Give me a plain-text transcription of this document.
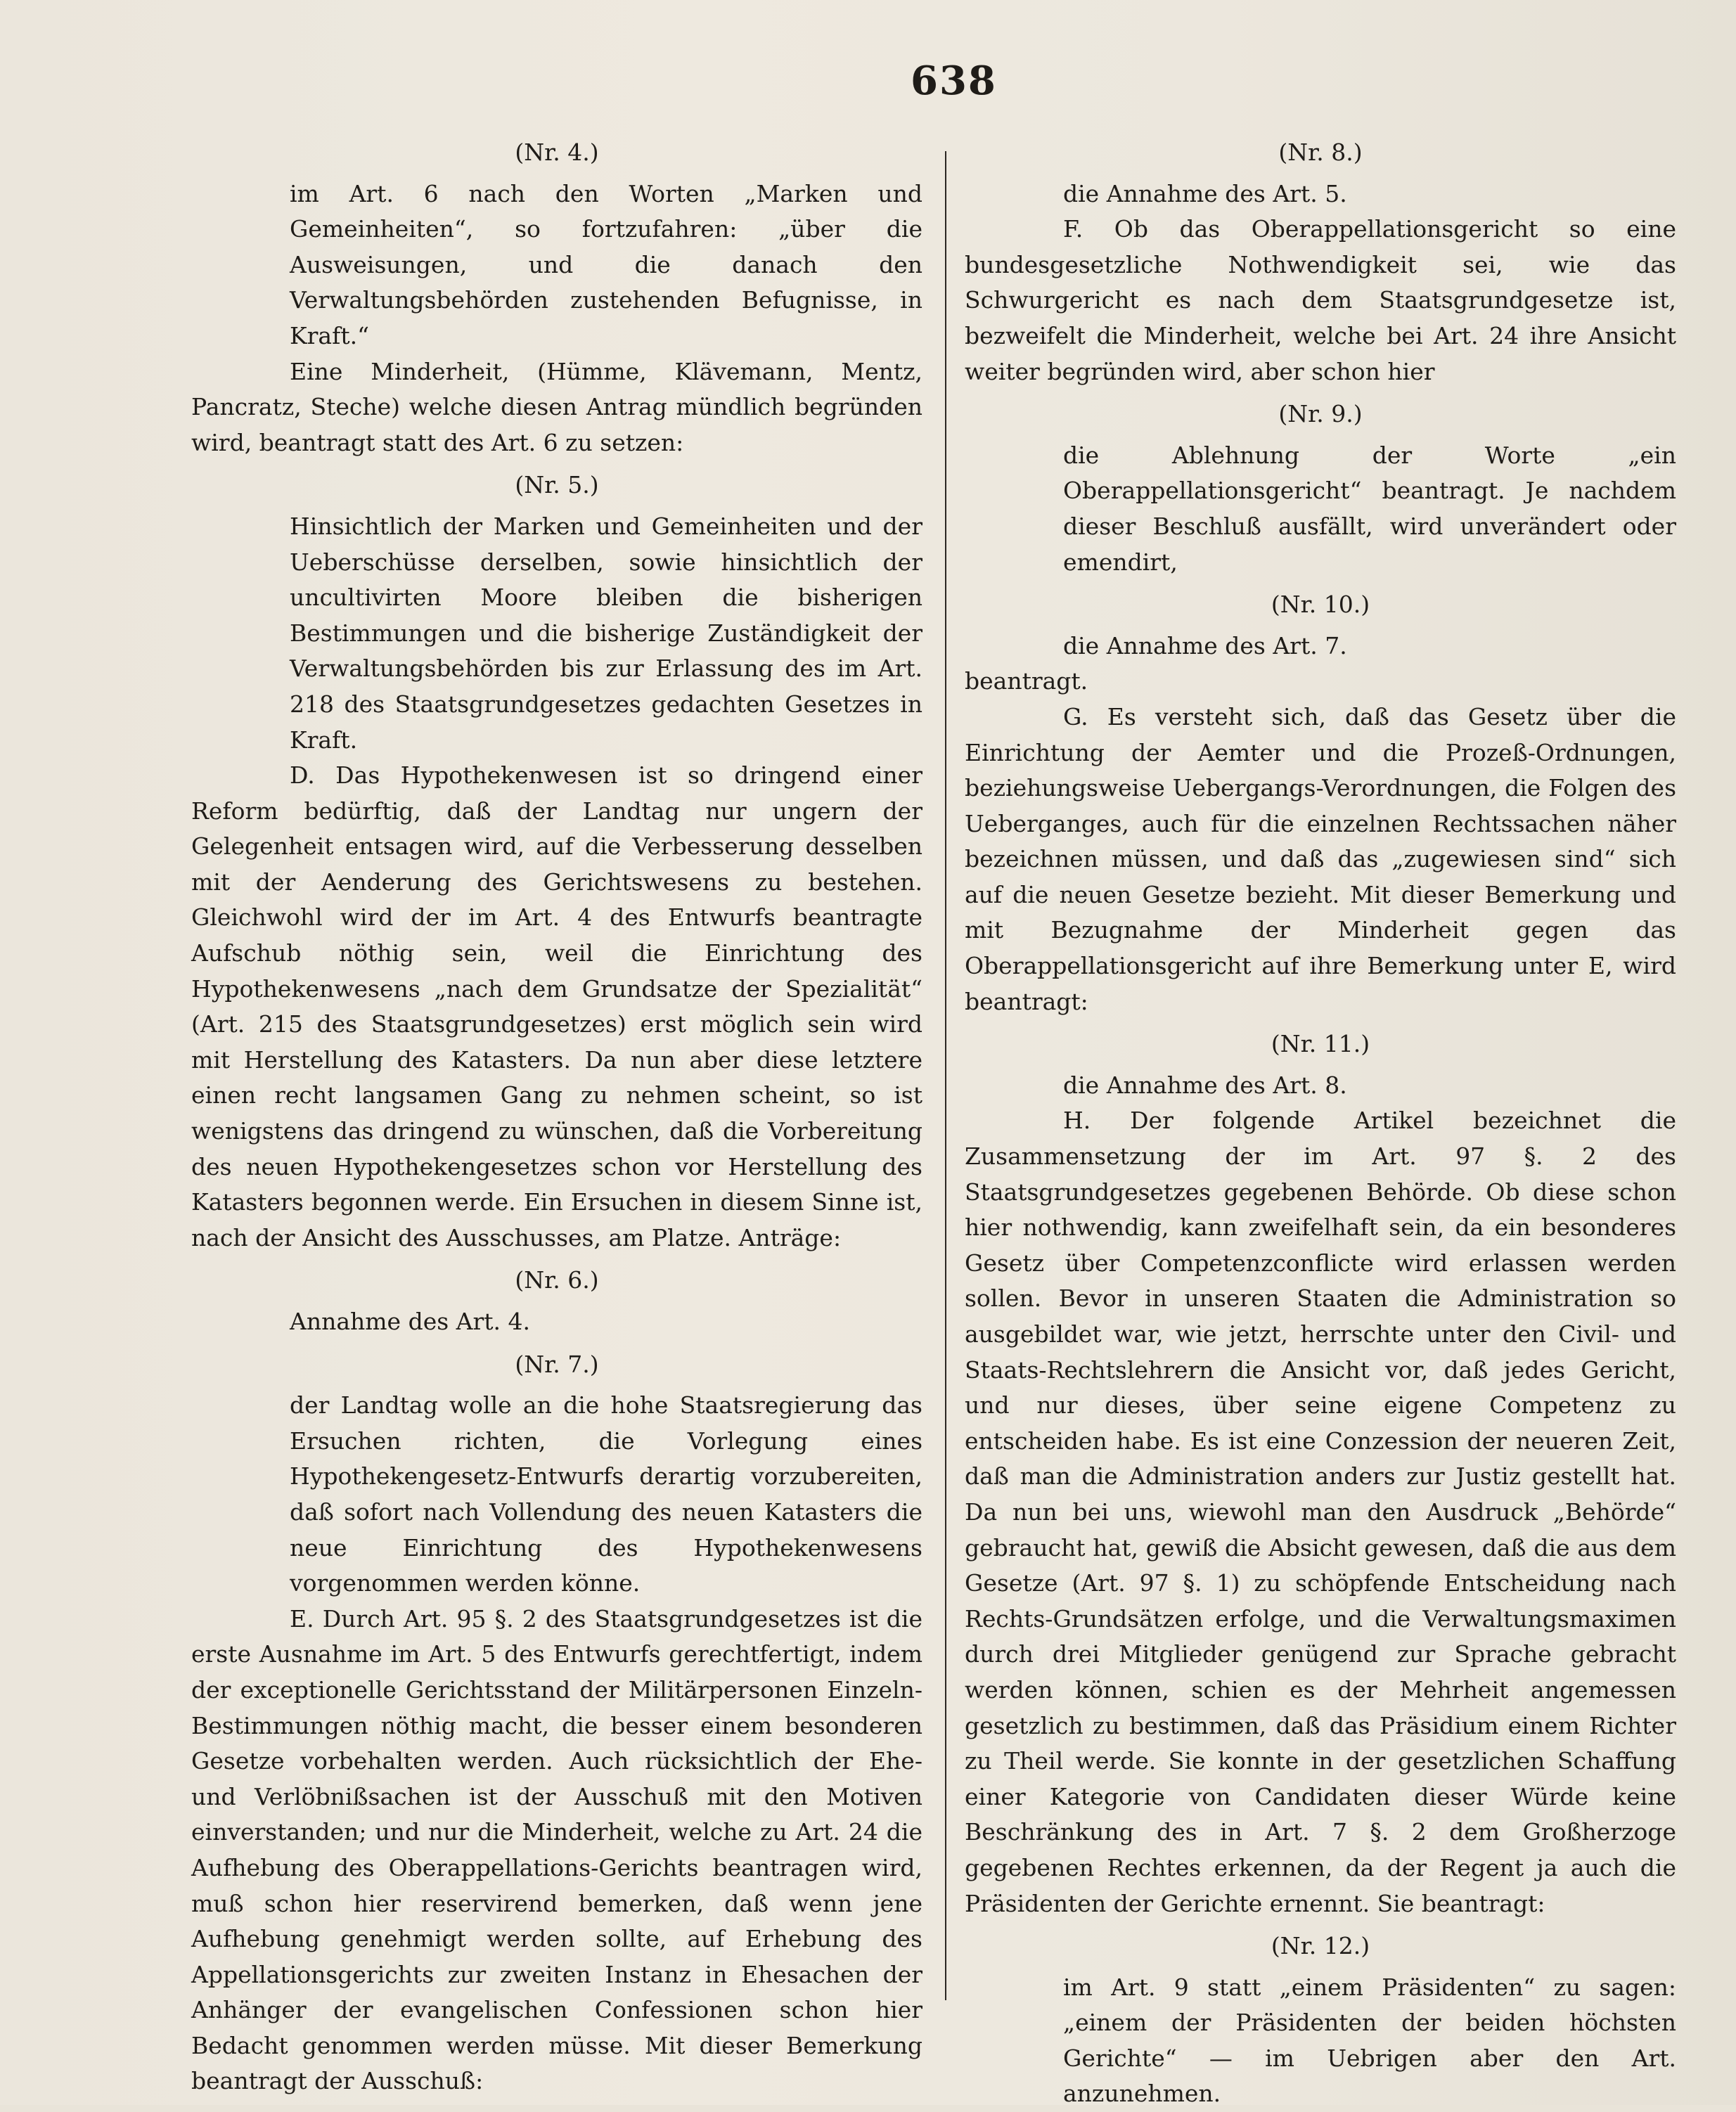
638

(Nr. 4.)

im Art. 6 nach den Worten „Marken und Gemeinheiten“, so fortzufahren: „über die Ausweisungen, und die danach den Verwaltungsbehörden zustehenden Befugnisse, in Kraft.“

Eine Minderheit, (Hümme, Klävemann, Mentz, Pancratz, Steche) welche diesen Antrag mündlich begründen wird, beantragt statt des Art. 6 zu setzen:

(Nr. 5.)

Hinsichtlich der Marken und Gemeinheiten und der Ueberschüsse derselben, sowie hinsichtlich der uncultivirten Moore bleiben die bisherigen Bestimmungen und die bisherige Zuständigkeit der Verwaltungsbehörden bis zur Erlassung des im Art. 218 des Staatsgrundgesetzes gedachten Gesetzes in Kraft.

D. Das Hypothekenwesen ist so dringend einer Reform bedürftig, daß der Landtag nur ungern der Gelegenheit entsagen wird, auf die Verbesserung desselben mit der Aenderung des Gerichtswesens zu bestehen. Gleichwohl wird der im Art. 4 des Entwurfs beantragte Aufschub nöthig sein, weil die Einrichtung des Hypothekenwesens „nach dem Grundsatze der Spezialität“ (Art. 215 des Staatsgrundgesetzes) erst möglich sein wird mit Herstellung des Katasters. Da nun aber diese letztere einen recht langsamen Gang zu nehmen scheint, so ist wenigstens das dringend zu wünschen, daß die Vorbereitung des neuen Hypothekengesetzes schon vor Herstellung des Katasters begonnen werde. Ein Ersuchen in diesem Sinne ist, nach der Ansicht des Ausschusses, am Platze. Anträge:

(Nr. 6.)

Annahme des Art. 4.

(Nr. 7.)

der Landtag wolle an die hohe Staatsregierung das Ersuchen richten, die Vorlegung eines Hypothekengesetz-Entwurfs derartig vorzubereiten, daß sofort nach Vollendung des neuen Katasters die neue Einrichtung des Hypothekenwesens vorgenommen werden könne.

E. Durch Art. 95 §. 2 des Staatsgrundgesetzes ist die erste Ausnahme im Art. 5 des Entwurfs gerechtfertigt, indem der exceptionelle Gerichtsstand der Militärpersonen Einzeln-Bestimmungen nöthig macht, die besser einem besonderen Gesetze vorbehalten werden. Auch rücksichtlich der Ehe- und Verlöbnißsachen ist der Ausschuß mit den Motiven einverstanden; und nur die Minderheit, welche zu Art. 24 die Aufhebung des Oberappellations-Gerichts beantragen wird, muß schon hier reservirend bemerken, daß wenn jene Aufhebung genehmigt werden sollte, auf Erhebung des Appellationsgerichts zur zweiten Instanz in Ehesachen der Anhänger der evangelischen Confessionen schon hier Bedacht genommen werden müsse. Mit dieser Bemerkung beantragt der Ausschuß:

(Nr. 8.)

die Annahme des Art. 5.

F. Ob das Oberappellationsgericht so eine bundesgesetzliche Nothwendigkeit sei, wie das Schwurgericht es nach dem Staatsgrundgesetze ist, bezweifelt die Minderheit, welche bei Art. 24 ihre Ansicht weiter begründen wird, aber schon hier

(Nr. 9.)

die Ablehnung der Worte „ein Oberappellationsgericht“ beantragt. Je nachdem dieser Beschluß ausfällt, wird unverändert oder emendirt,

(Nr. 10.)

die Annahme des Art. 7.

beantragt.

G. Es versteht sich, daß das Gesetz über die Einrichtung der Aemter und die Prozeß-Ordnungen, beziehungsweise Uebergangs-Verordnungen, die Folgen des Ueberganges, auch für die einzelnen Rechtssachen näher bezeichnen müssen, und daß das „zugewiesen sind“ sich auf die neuen Gesetze bezieht. Mit dieser Bemerkung und mit Bezugnahme der Minderheit gegen das Oberappellationsgericht auf ihre Bemerkung unter E, wird beantragt:

(Nr. 11.)

die Annahme des Art. 8.

H. Der folgende Artikel bezeichnet die Zusammensetzung der im Art. 97 §. 2 des Staatsgrundgesetzes gegebenen Behörde. Ob diese schon hier nothwendig, kann zweifelhaft sein, da ein besonderes Gesetz über Competenzconflicte wird erlassen werden sollen. Bevor in unseren Staaten die Administration so ausgebildet war, wie jetzt, herrschte unter den Civil- und Staats-Rechtslehrern die Ansicht vor, daß jedes Gericht, und nur dieses, über seine eigene Competenz zu entscheiden habe. Es ist eine Conzession der neueren Zeit, daß man die Administration anders zur Justiz gestellt hat. Da nun bei uns, wiewohl man den Ausdruck „Behörde“ gebraucht hat, gewiß die Absicht gewesen, daß die aus dem Gesetze (Art. 97 §. 1) zu schöpfende Entscheidung nach Rechts-Grundsätzen erfolge, und die Verwaltungsmaximen durch drei Mitglieder genügend zur Sprache gebracht werden können, schien es der Mehrheit angemessen gesetzlich zu bestimmen, daß das Präsidium einem Richter zu Theil werde. Sie konnte in der gesetzlichen Schaffung einer Kategorie von Candidaten dieser Würde keine Beschränkung des in Art. 7 §. 2 dem Großherzoge gegebenen Rechtes erkennen, da der Regent ja auch die Präsidenten der Gerichte ernennt. Sie beantragt:

(Nr. 12.)

im Art. 9 statt „einem Präsidenten“ zu sagen: „einem der Präsidenten der beiden höchsten Gerichte“ — im Uebrigen aber den Art. anzunehmen.
